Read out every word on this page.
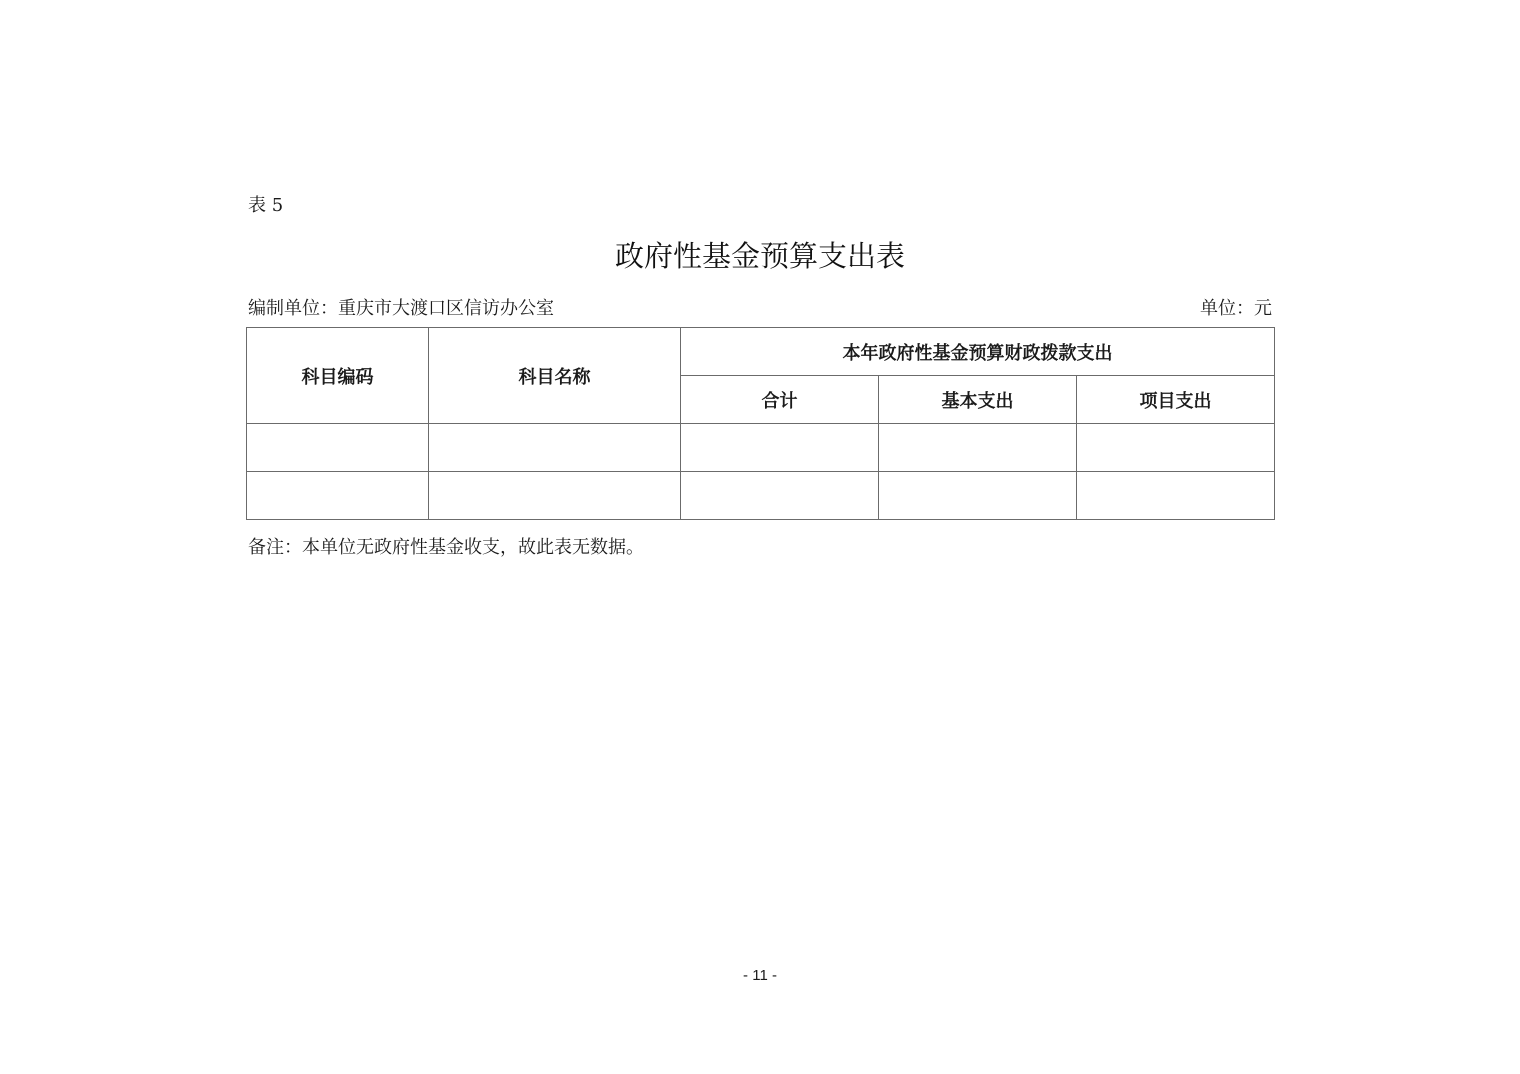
表 5
政府性基金预算支出表
编制单位：重庆市大渡口区信访办公室	单位：元
科目编码	科目名称	本年政府性基金预算财政拨款支出		
		合计	基本支出	项目支出

备注：本单位无政府性基金收支，故此表无数据。
- 11 -
